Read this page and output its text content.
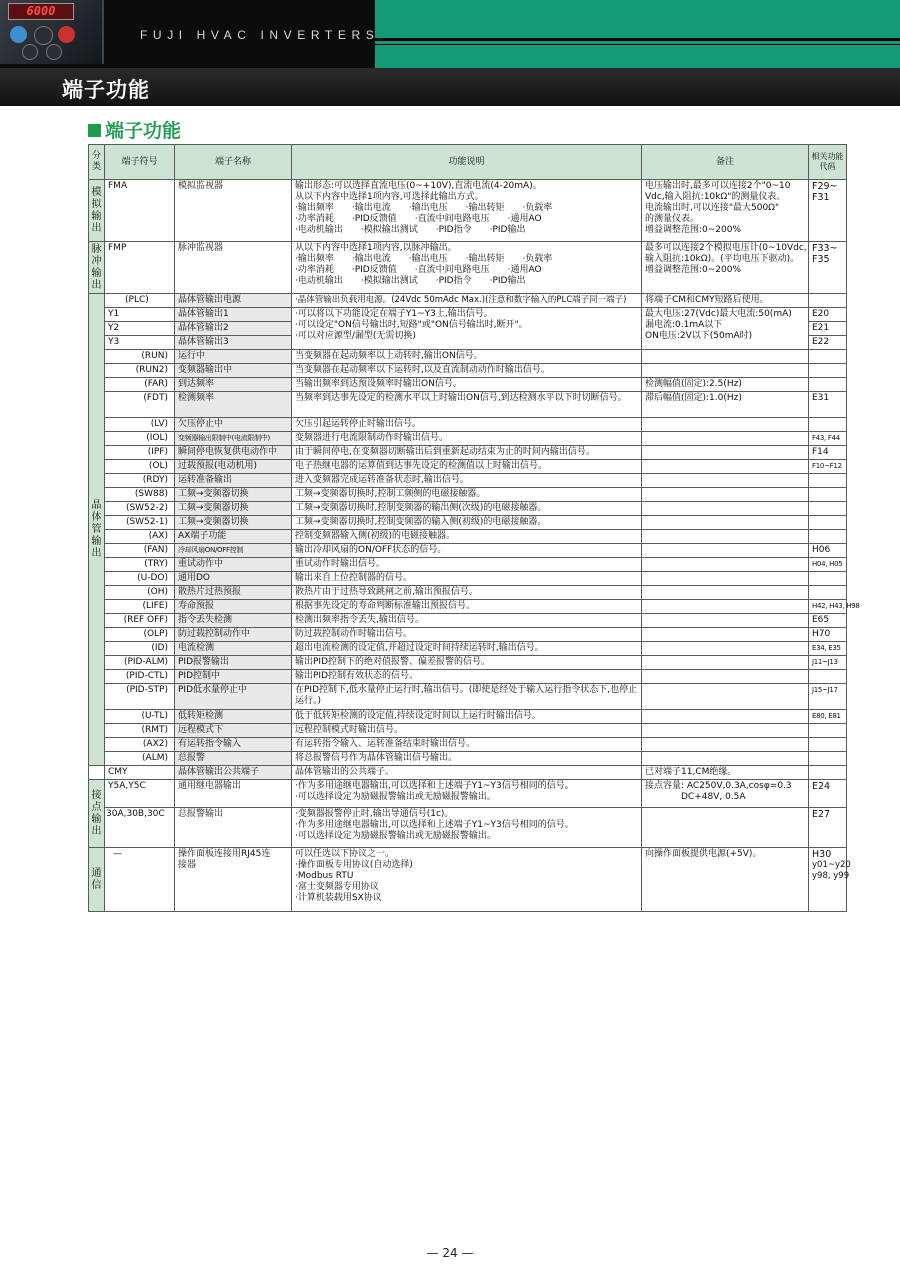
6000
FUJI HVAC INVERTERS
端子功能
端子功能
分类	端子符号	端子名称	功能说明	备注	相关功能代码

模
拟
输
出	FMA	模拟监视器	输出形态:可以选择直流电压(0~+10V),直流电流(4-20mA)。
从以下内容中选择1项内容,可选择此输出方式。
·输出频率　　·输出电流　　·输出电压　　·输出转矩　　·负载率
·功率消耗　　·PID反馈值　　·直流中间电路电压　　·通用AO
·电动机输出　　·模拟输出测试　　·PID指令　　·PID输出	电压输出时,最多可以连接2个"0~10
Vdc,输入阻抗:10kΩ"的测量仪表。
电流输出时,可以连接"最大500Ω"
的测量仪表。
增益调整范围:0~200%	F29~
F31

脉
冲
输
出	FMP	脉冲监视器	从以下内容中选择1项内容,以脉冲输出。
·输出频率　　·输出电流　　·输出电压　　·输出转矩　　·负载率
·功率消耗　　·PID反馈值　　·直流中间电路电压　　·通用AO
·电动机输出　　·模拟输出测试　　·PID指令　　·PID输出	最多可以连接2个模拟电压计(0~10Vdc,
输入阻抗:10kΩ)。(平均电压下驱动)。
增益调整范围:0~200%	F33~
F35

晶
体
管
输
出	(PLC)	晶体管输出电源	·晶体管输出负载用电源。(24Vdc 50mAdc Max.)(注意和数字输入的PLC端子同一端子)	将端子CM和CMY短路后使用。	
	Y1	晶体管输出1	·可以将以下功能设定在端子Y1~Y3上,输出信号。
·可以设定"ON信号输出时,短路"或"ON信号输出时,断开"。
·可以对应源型/漏型(无需切换)	最大电压:27(Vdc)最大电流:50(mA)
漏电流:0.1mA以下
ON电压:2V以下(50mA时)	E20
	Y2	晶体管输出2			E21
	Y3	晶体管输出3			E22
	(RUN)	运行中	当变频器在起动频率以上动转时,输出ON信号。		
	(RUN2)	变频器输出中	当变频器在起动频率以下运转时,以及直流制动动作时输出信号。		
	(FAR)	到达频率	当输出频率到达预设频率时输出ON信号。	检测幅值(固定):2.5(Hz)	
	(FDT)	检测频率	当频率到达事先设定的检测水平以上时输出ON信号,到达检测水平以下时切断信号。	滞后幅值(固定):1.0(Hz)	E31
	(LV)	欠压停止中	欠压引起运转停止时输出信号。		
	(IOL)	变频器输出限制中(电流限制中)	变频器进行电流限制动作时输出信号。		F43, F44
	(IPF)	瞬间停电恢复供电动作中	由于瞬间停电,在变频器切断输出后到重新起动结束为止的时间内输出信号。		F14
	(OL)	过载预报(电动机用)	电子热继电器的运算值到达事先设定的检测值以上时输出信号。		F10~F12
	(RDY)	运转准备输出	进入变频器完成运转准备状态时,输出信号。		
	(SW88)	工频→变频器切换	工频→变频器切换时,控制工频侧的电磁接触器。		
	(SW52-2)	工频→变频器切换	工频→变频器切换时,控制变频器的输出侧(次级)的电磁接触器。		
	(SW52-1)	工频→变频器切换	工频→变频器切换时,控制变频器的输入侧(初级)的电磁接触器。		
	(AX)	AX端子功能	控制变频器输入侧(初级)的电磁接触器。		
	(FAN)	冷却风扇ON/OFF控制	输出冷却风扇的ON/OFF状态的信号。		H06
	(TRY)	重试动作中	重试动作时输出信号。		H04, H05
	(U-DO)	通用DO	输出来自上位控制器的信号。		
	(OH)	散热片过热预报	散热片由于过热导致跳闸之前,输出预报信号。		
	(LIFE)	寿命预报	根据事先设定的寿命判断标准输出预报信号。		H42, H43, H98
	(REF OFF)	指令丢失检测	检测出频率指令丢失,输出信号。		E65
	(OLP)	防过载控制动作中	防过载控制动作时输出信号。		H70
	(ID)	电流检测	超出电流检测的设定值,并超过设定时间持续运转时,输出信号。		E34, E35
	(PID-ALM)	PID报警输出	输出PID控制下的绝对值报警、偏差报警的信号。		J11~J13
	(PID-CTL)	PID控制中	输出PID控制有效状态的信号。		
	(PID-STP)	PID低水量停止中	在PID控制下,低水量停止运行时,输出信号。(即使是经处于输入运行指令状态下,也停止运行。)		J15~J17
	(U-TL)	低转矩检测	低于低转矩检测的设定值,持续设定时间以上运行时输出信号。		E80, E81
	(RMT)	远程模式下	远程控制模式时输出信号。		
	(AX2)	有运转指令输入	有运转指令输入、运转准备结束时输出信号。		
	(ALM)	总报警	将总报警信号作为晶体管输出信号输出。		
	CMY	晶体管输出公共端子	晶体管输出的公共端子。	已对端子11,CM绝缘。	

接
点
输
出	Y5A,Y5C	通用继电器输出	·作为多用途继电器输出,可以选择和上述端子Y1~Y3信号相同的信号。
·可以选择设定为励磁报警输出或无励磁报警输出。	接点容量: AC250V,0.3A,cosφ=0.3
　　　　DC+48V, 0.5A	E24
	30A,30B,30C	总报警输出	·变频器报警停止时,输出导通信号(1c)。
·作为多用途继电器输出,可以选择和上述端子Y1~Y3信号相同的信号。
·可以选择设定为励磁报警输出或无励磁报警输出。		E27

通
信	—	操作面板连接用RJ45连
接器	可以任选以下协议之一。
·操作面板专用协议(自动选择)
·Modbus RTU
·富士变频器专用协议
·计算机装载用SX协议	向操作面板提供电源(+5V)。	H30
y01~y20
y98, y99
— 24 —
